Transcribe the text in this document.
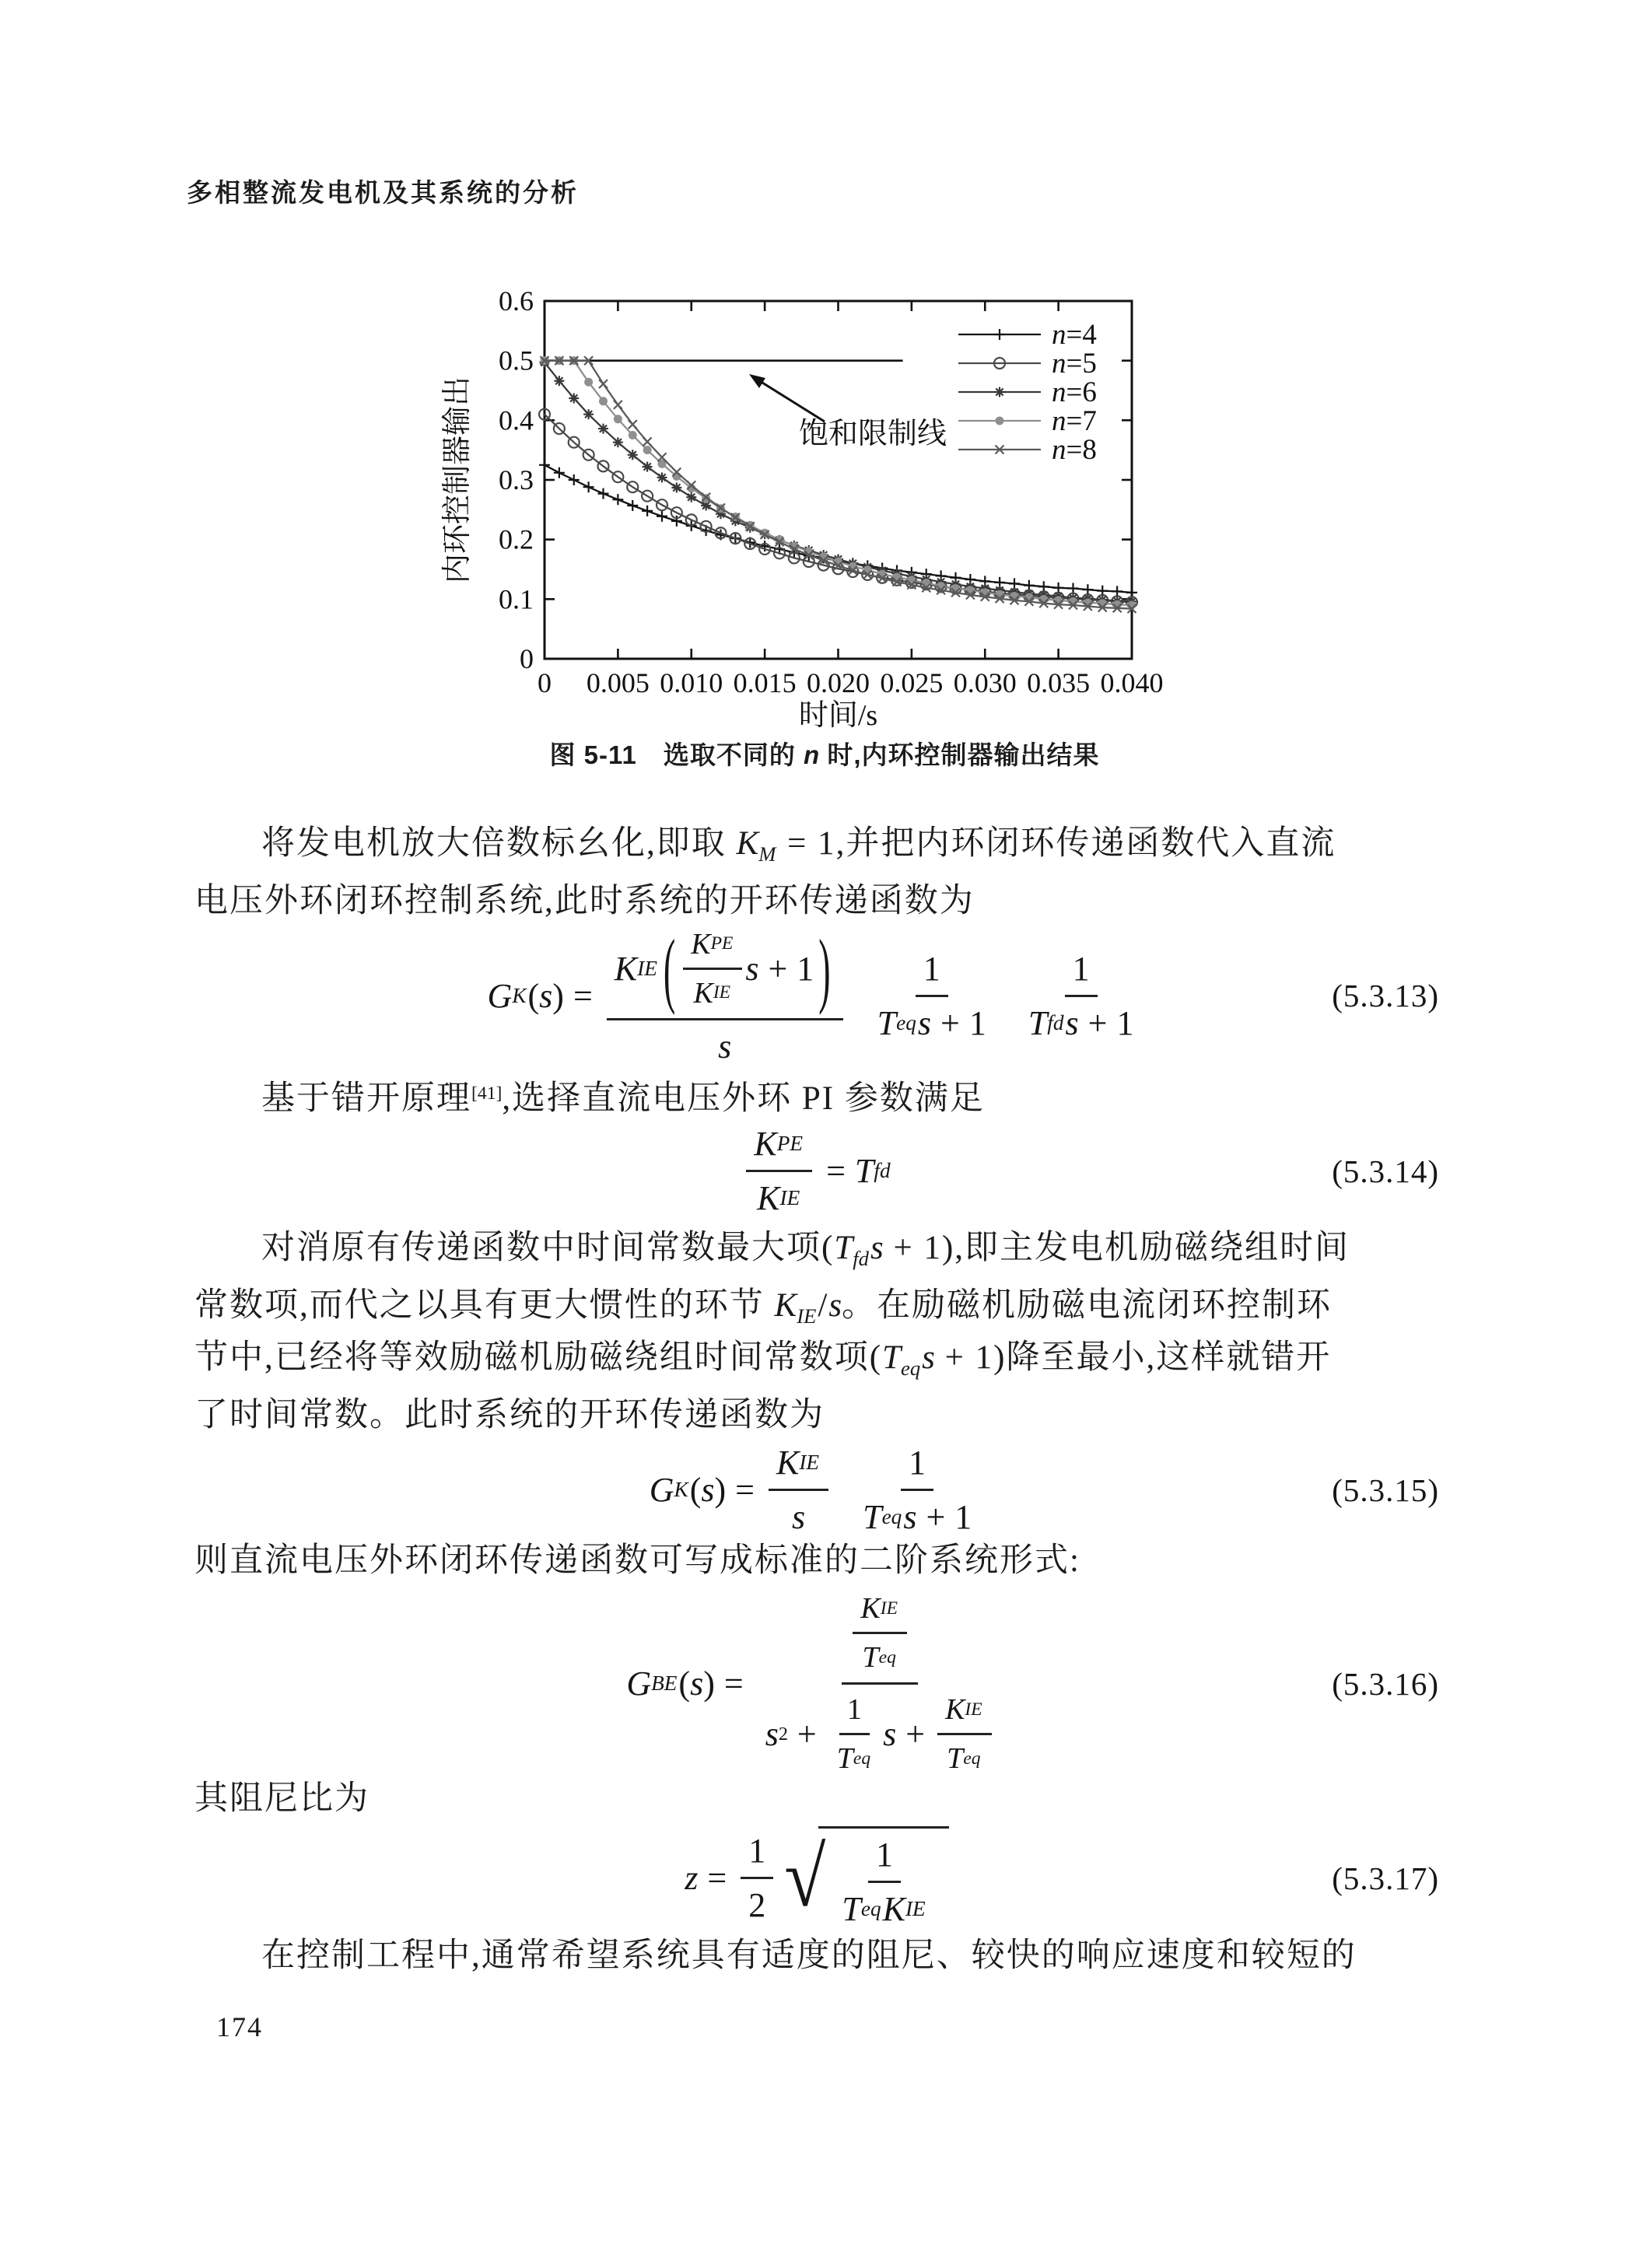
多相整流发电机及其系统的分析
0 0.005 0.010 0.015 0.020 0.025 0.030 0.035 0.040
0
0.1
0.2
0.3
0.4
0.5
0.6
时间/s
内环控制器输出	饱和限制线
n=4
n=5
n=6
n=7
n=8
图 5-11　选取不同的 n 时,内环控制器输出结果
将发电机放大倍数标幺化,即取 $K_M = 1$,并把内环闭环传递函数代入直流
电压外环闭环控制系统,此时系统的开环传递函数为
G K ( s ) = $\frac{K IE ( \frac{\text{K PE}}{\text{K IE}} s + 1 )}{s} \frac{1}{\text{T eq s + 1}} \frac{1}{\text{T fd s + 1}}$	(5.3.13)
基于错开原理[41],选择直流电压外环 PI 参数满足
$\frac{\text{K PE}}{\text{K IE}} = T$ fd	(5.3.14)
对消原有传递函数中时间常数最大项$(T_{fd}s + 1)$,即主发电机励磁绕组时间
常数项,而代之以具有更大惯性的环节 $K_{IE}/s$。在励磁机励磁电流闭环控制环
节中,已经将等效励磁机励磁绕组时间常数项$(T_{eq}s + 1)$降至最小,这样就错开
了时间常数。此时系统的开环传递函数为
G K ( s ) = $\frac{\text{K IE}}{s} \frac{1}{\text{T eq s + 1}}$	(5.3.15)
则直流电压外环闭环传递函数可写成标准的二阶系统形式:
G BE ( s ) =
$\frac{\text{K IE}}{\text{T eq}}$
s $2 + \frac{1}{\text{T eq}}$ $s + \frac{\text{K IE}}{\text{T eq}}$
(5.3.16)
其阻尼比为
$z = \frac{1}{2}$ √ $\frac{1}{\text{T eq K IE}}$	(5.3.17)
在控制工程中,通常希望系统具有适度的阻尼、较快的响应速度和较短的
174
